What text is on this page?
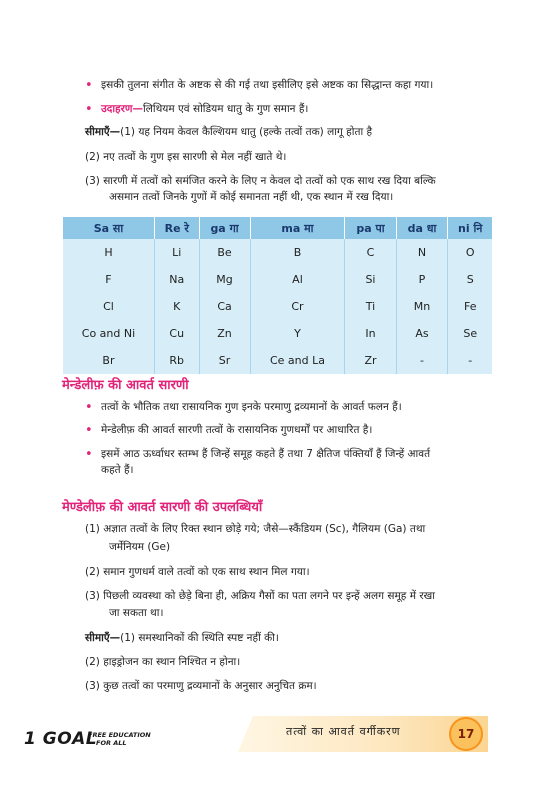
• इसकी तुलना संगीत के अष्टक से की गई तथा इसीलिए इसे अष्टक का सिद्धान्त कहा गया।
• उदाहरण—लिथियम एवं सोडियम धातु के गुण समान हैं।
सीमाएँ—(1) यह नियम केवल कैल्शियम धातु (हल्के तत्वों तक) लागू होता है
(2) नए तत्वों के गुण इस सारणी से मेल नहीं खाते थे।
(3) सारणी में तत्वों को समंजित करने के लिए न केवल दो तत्वों को एक साथ रख दिया बल्कि
असमान तत्वों जिनके गुणों में कोई समानता नहीं थी, एक स्थान में रख दिया।
Sa सा	Re रे	ga गा	ma मा	pa पा	da धा	ni नि
H	Li	Be	B	C	N	O
F	Na	Mg	Al	Si	P	S
Cl	K	Ca	Cr	Ti	Mn	Fe
Co and Ni	Cu	Zn	Y	In	As	Se
Br	Rb	Sr	Ce and La	Zr	-	-
मेन्डेलीफ़ की आवर्त सारणी
• तत्वों के भौतिक तथा रासायनिक गुण इनके परमाणु द्रव्यमानों के आवर्त फलन हैं।
• मेन्डेलीफ़ की आवर्त सारणी तत्वों के रासायनिक गुणधर्मों पर आधारित है।
• इसमें आठ ऊर्ध्वाधर स्तम्भ हैं जिन्हें समूह कहते हैं तथा 7 क्षैतिज पंक्तियाँ हैं जिन्हें आवर्त
कहते हैं।
मेण्डेलीफ़ की आवर्त सारणी की उपलब्धियाँ
(1) अज्ञात तत्वों के लिए रिक्त स्थान छोड़े गये; जैसे—स्कैंडियम (Sc), गैलियम (Ga) तथा
जर्मेनियम (Ge)
(2) समान गुणधर्म वाले तत्वों को एक साथ स्थान मिल गया।
(3) पिछली व्यवस्था को छेड़े बिना ही, अक्रिय गैसों का पता लगने पर इन्हें अलग समूह में रखा
जा सकता था।
सीमाएँ—(1) समस्थानिकों की स्थिति स्पष्ट नहीं की।
(2) हाइड्रोजन का स्थान निश्चित न होना।
(3) कुछ तत्वों का परमाणु द्रव्यमानों के अनुसार अनुचित क्रम।
1 GOAL
FREE EDUCATION
FOR ALL
तत्वों का आवर्त वर्गीकरण	17
